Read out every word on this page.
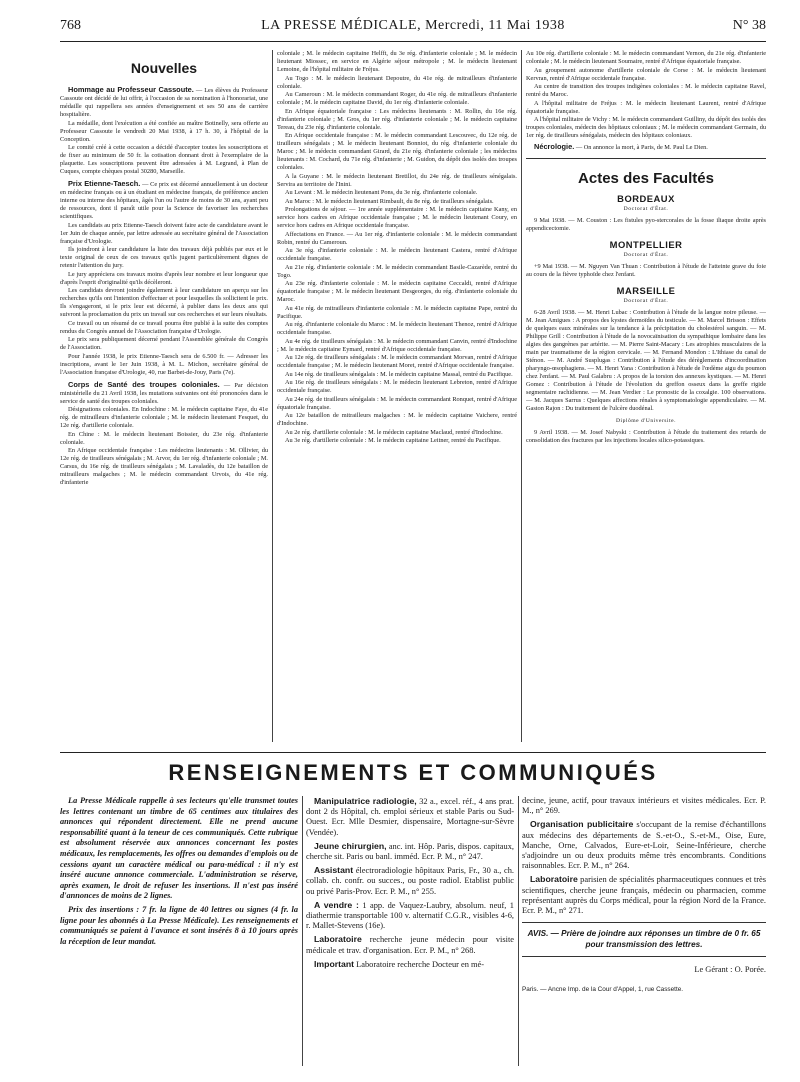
768	LA PRESSE MÉDICALE, Mercredi, 11 Mai 1938	N° 38
Nouvelles

Hommage au Professeur Cassoute. — Les élèves du Professeur Cassoute ont décidé de lui offrir, à l'occasion de sa nomination à l'honorariat, une médaille qui rappellera ses années d'enseignement et ses 50 ans de carrière hospitalière.

La médaille, dont l'exécution a été confiée au maître Botinelly, sera offerte au Professeur Cassoute le vendredi 20 Mai 1938, à 17 h. 30, à l'hôpital de la Conception.

Le comité créé à cette occasion a décidé d'accepter toutes les souscriptions et de fixer au minimum de 50 fr. la cotisation donnant droit à l'exemplaire de la plaquette. Les souscriptions peuvent être adressées à M. Legrand, à Plan de Cuques, compte chèques postal 30280, Marseille.

Prix Etienne-Taesch. — Ce prix est décerné annuellement à un docteur en médecine français ou à un étudiant en médecine français, de préférence ancien interne ou interne des hôpitaux, âgés l'un ou l'autre de moins de 30 ans, ayant peu de ressources, dont il paraît utile pour la Science de favoriser les recherches scientifiques.

Les candidats au prix Etienne-Taesch doivent faire acte de candidature avant le 1er Juin de chaque année, par lettre adressée au secrétaire général de l'Association française d'Urologie.

Ils joindront à leur candidature la liste des travaux déjà publiés par eux et le texte original de ceux de ces travaux qu'ils jugent particulièrement dignes de retenir l'attention du jury.

Le jury appréciera ces travaux moins d'après leur nombre et leur longueur que d'après l'esprit d'originalité qu'ils décèleront.

Les candidats devront joindre également à leur candidature un aperçu sur les recherches qu'ils ont l'intention d'effectuer et pour lesquelles ils sollicitent le prix. Ils s'engageront, si le prix leur est décerné, à publier dans les deux ans qui suivront la proclamation du prix un travail sur ces recherches et sur leurs résultats.

Ce travail ou un résumé de ce travail pourra être publié à la suite des comptes rendus du Congrès annuel de l'Association française d'Urologie.

Le prix sera publiquement décerné pendant l'Assemblée générale du Congrès de l'Association.

Pour l'année 1938, le prix Etienne-Taesch sera de 6.500 fr. — Adresser les inscriptions, avant le 1er Juin 1938, à M. L. Michon, secrétaire général de l'Association française d'Urologie, 40, rue Barbet-de-Jouy, Paris (7e).

Corps de Santé des troupes coloniales. — Par décision ministérielle du 21 Avril 1938, les mutations suivantes ont été prononcées dans le service de santé des troupes coloniales.

Désignations coloniales. En Indochine : M. le médecin capitaine Faye, du 41e rég. de mitrailleurs d'infanterie coloniale ; M. le médecin lieutenant Fesquet, du 12e rég. d'artillerie coloniale.

En Chine : M. le médecin lieutenant Boissier, du 23e rég. d'infanterie coloniale.

En Afrique occidentale française : Les médecins lieutenants : M. Ollivier, du 12e rég. de tirailleurs sénégalais ; M. Arvor, du 1er rég. d'infanterie coloniale ; M. Carsus, du 16e rég. de tirailleurs sénégalais ; M. Lavaladès, du 12e bataillon de mitrailleurs malgaches ; M. le médecin commandant Urvois, du 41e rég. d'infanterie

coloniale ; M. le médecin capitaine Helfft, du 3e rég. d'infanterie coloniale ; M. le médecin lieutenant Miossec, en service en Algérie séjour métropole ; M. le médecin lieutenant Lemoine, de l'hôpital militaire de Fréjus.

Au Togo : M. le médecin lieutenant Depoutre, du 41e rég. de mitrailleurs d'infanterie coloniale.

Au Cameroun : M. le médecin commandant Roger, du 41e rég. de mitrailleurs d'infanterie coloniale ; M. le médecin capitaine David, du 1er rég. d'infanterie coloniale.

En Afrique équatoriale française : Les médecins lieutenants : M. Rollin, du 16e rég. d'infanterie coloniale ; M. Gros, du 1er rég. d'infanterie coloniale ; M. le médecin capitaine Tereau, du 23e rég. d'infanterie coloniale.

En Afrique occidentale française : M. le médecin commandant Lescouvec, du 12e rég. de tirailleurs sénégalais ; M. le médecin lieutenant Bonniot, du rég. d'infanterie coloniale du Maroc ; M. le médecin commandant Girard, du 21e rég. d'infanterie coloniale ; les médecins lieutenants : M. Cochard, du 71e rég. d'infanterie ; M. Guidon, du dépôt des isolés des troupes coloniales.

A la Guyane : M. le médecin lieutenant Bretillot, du 24e rég. de tirailleurs sénégalais. Servira au territoire de l'Inini.

Au Levant : M. le médecin lieutenant Pons, du 3e rég. d'infanterie coloniale.

Au Maroc : M. le médecin lieutenant Rimbault, du 8e rég. de tirailleurs sénégalais.

Prolongations de séjour. — 1re année supplémentaire : M. le médecin capitaine Kany, en service hors cadres en Afrique occidentale française ; M. le médecin lieutenant Coury, en service hors cadres en Afrique occidentale française.

Affectations en France. — Au 1er rég. d'infanterie coloniale : M. le médecin commandant Robin, rentré du Cameroun.

Au 3e rég. d'infanterie coloniale : M. le médecin lieutenant Castera, rentré d'Afrique occidentale française.

Au 21e rég. d'infanterie coloniale : M. le médecin commandant Basile-Cazarède, rentré du Togo.

Au 23e rég. d'infanterie coloniale : M. le médecin capitaine Ceccaldi, rentré d'Afrique équatoriale française ; M. le médecin lieutenant Desgeorges, du rég. d'infanterie coloniale du Maroc.

Au 41e rég. de mitrailleurs d'infanterie coloniale : M. le médecin capitaine Pape, rentré du Pacifique.

Au rég. d'infanterie coloniale du Maroc : M. le médecin lieutenant Thenoz, rentré d'Afrique occidentale française.

Au 4e rég. de tirailleurs sénégalais : M. le médecin commandant Canvin, rentré d'Indochine ; M. le médecin capitaine Eymard, rentré d'Afrique occidentale française.

Au 12e rég. de tirailleurs sénégalais : M. le médecin commandant Morvan, rentré d'Afrique occidentale française ; M. le médecin lieutenant Moret, rentré d'Afrique occidentale française.

Au 14e rég. de tirailleurs sénégalais : M. le médecin capitaine Massal, rentré du Pacifique.

Au 16e rég. de tirailleurs sénégalais : M. le médecin lieutenant Lebreton, rentré d'Afrique occidentale française.

Au 24e rég. de tirailleurs sénégalais : M. le médecin commandant Ronquet, rentré d'Afrique équatoriale française.

Au 12e bataillon de mitrailleurs malgaches : M. le médecin capitaine Vaichere, rentré d'Indochine.

Au 2e rég. d'artillerie coloniale : M. le médecin capitaine Maclaud, rentré d'Indochine.

Au 3e rég. d'artillerie coloniale : M. le médecin capitaine Leitner, rentré du Pacifique.

Au 10e rég. d'artillerie coloniale : M. le médecin commandant Vernon, du 21e rég. d'infanterie coloniale ; M. le médecin lieutenant Soumaire, rentré d'Afrique équatoriale française.

Au groupement autonome d'artillerie coloniale de Corse : M. le médecin lieutenant Kervran, rentré d'Afrique occidentale française.

Au centre de transition des troupes indigènes coloniales : M. le médecin capitaine Ravel, rentré du Maroc.

A l'hôpital militaire de Fréjus : M. le médecin lieutenant Laurent, rentré d'Afrique équatoriale française.

A l'hôpital militaire de Vichy : M. le médecin commandant Guilliny, du dépôt des isolés des troupes coloniales, médecin des hôpitaux coloniaux ; M. le médecin commandant Germain, du 1er rég. de tirailleurs sénégalais, médecin des hôpitaux coloniaux.

Nécrologie. — On annonce la mort, à Paris, de M. Paul Le Dien.

Actes des Facultés
BORDEAUX
Doctorat d'État.

9 Mai 1938. — M. Couston : Les fistules pyo-stercorales de la fosse iliaque droite après appendicectomie.

MONTPELLIER
Doctorat d'État.

+9 Mai 1938. — M. Nguyen Van Thuan : Contribution à l'étude de l'atteinte grave du foie au cours de la fièvre typhoïde chez l'enfant.

MARSEILLE
Doctorat d'État.

6-28 Avril 1938. — M. Henri Lubac : Contribution à l'étude de la langue noire pileuse. — M. Jean Amigues : A propos des kystes dermoïdes du testicule. — M. Marcel Brisson : Effets de quelques eaux minérales sur la tendance à la précipitation du cholestérol sanguin. — M. Philippe Grill : Contribution à l'étude de la novocaïnisation du sympathique lombaire dans les algies des gangrènes par artérite. — M. Pierre Saint-Macary : Les atrophies musculaires de la main par traumatisme de la région cervicale. — M. Fernand Mondon : L'Ithiase du canal de Sténon. — M. André Susplugas : Contribution à l'étude des dérèglements d'incoordination pharyngo-œsophagiens. — M. Henri Yana : Contribution à l'étude de l'œdème aigu du poumon chez l'enfant. — M. Paul Galabru : A propos de la torsion des annexes kystiques. — M. Henri Gomez : Contribution à l'étude de l'évolution du greffon osseux dans la greffe rigide segmentaire rachidienne. — M. Jean Verdier : Le pronostic de la coxalgie. 100 observations. — M. Jacques Sarrus : Quelques affections rénales à symptomatologie appendiculaire. — M. Gaston Rajon : Du traitement de l'ulcère duodénal.

Diplôme d'Universite.

9 Avril 1938. — M. Josef Nabyski : Contribution à l'étude du traitement des retards de consolidation des fractures par les injections locales silico-potassiques.

RENSEIGNEMENTS ET COMMUNIQUÉS

La Presse Médicale rappelle à ses lecteurs qu'elle transmet toutes les lettres contenant un timbre de 65 centimes aux titulaires des annonces qui répondent directement. Elle ne prend aucune responsabilité quant à la teneur de ces communiqués. Cette rubrique est absolument réservée aux annonces concernant les postes médicaux, les remplacements, les offres ou demandes d'emplois ou de cessions ayant un caractère médical ou para-médical : il n'y est inséré aucune annonce commerciale. L'administration se réserve, après examen, le droit de refuser les insertions. Il n'est pas inséré d'annonces de moins de 2 lignes.

Prix des insertions : 7 fr. la ligne de 40 lettres ou signes (4 fr. la ligne pour les abonnés à La Presse Médicale). Les renseignements et communiqués se paient à l'avance et sont insérés 8 à 10 jours après la réception de leur mandat.

Manipulatrice radiologie, 32 a., excel. réf., 4 ans prat. dont 2 ds Hôpital, ch. emploi sérieux et stable Paris ou Sud-Ouest. Ecr. Mlle Desmier, dispensaire, Mortagne-sur-Sèvre (Vendée).

Jeune chirurgien, anc. int. Hôp. Paris, dispos. capitaux, cherche sit. Paris ou banl. imméd. Ecr. P. M., n° 247.

Assistant électroradiologie hôpitaux Paris, Fr., 30 a., ch. collab. ch. confr. ou succes., ou poste radiol. Etablist public ou privé Paris-Prov. Ecr. P. M., n° 255.

A vendre : 1 app. de Vaquez-Laubry, absolum. neuf, 1 diathermie transportable 100 v. alternatif C.G.R., visibles 4-6, r. Mallet-Stevens (16e).

Laboratoire recherche jeune médecin pour visite médicale et trav. d'organisation. Ecr. P. M., n° 268.

Important Laboratoire recherche Docteur en mé-

decine, jeune, actif, pour travaux intérieurs et visites médicales. Ecr. P. M., n° 269.

Organisation publicitaire s'occupant de la remise d'échantillons aux médecins des départements de S.-et-O., S.-et-M., Oise, Eure, Manche, Orne, Calvados, Eure-et-Loir, Seine-Inférieure, cherche s'adjoindre un ou deux produits même très encombrants. Conditions raisonnables. Ecr. P. M., n° 264.

Laboratoire parisien de spécialités pharmaceutiques connues et très scientifiques, cherche jeune français, médecin ou pharmacien, comme représentant auprès du Corps médical, pour la région Nord de la France. Ecr. P. M., n° 271.

AVIS. — Prière de joindre aux réponses un timbre de 0 fr. 65 pour transmission des lettres.
Le Gérant : O. Porée.
Paris. — Ancne Imp. de la Cour d'Appel, 1, rue Cassette.
